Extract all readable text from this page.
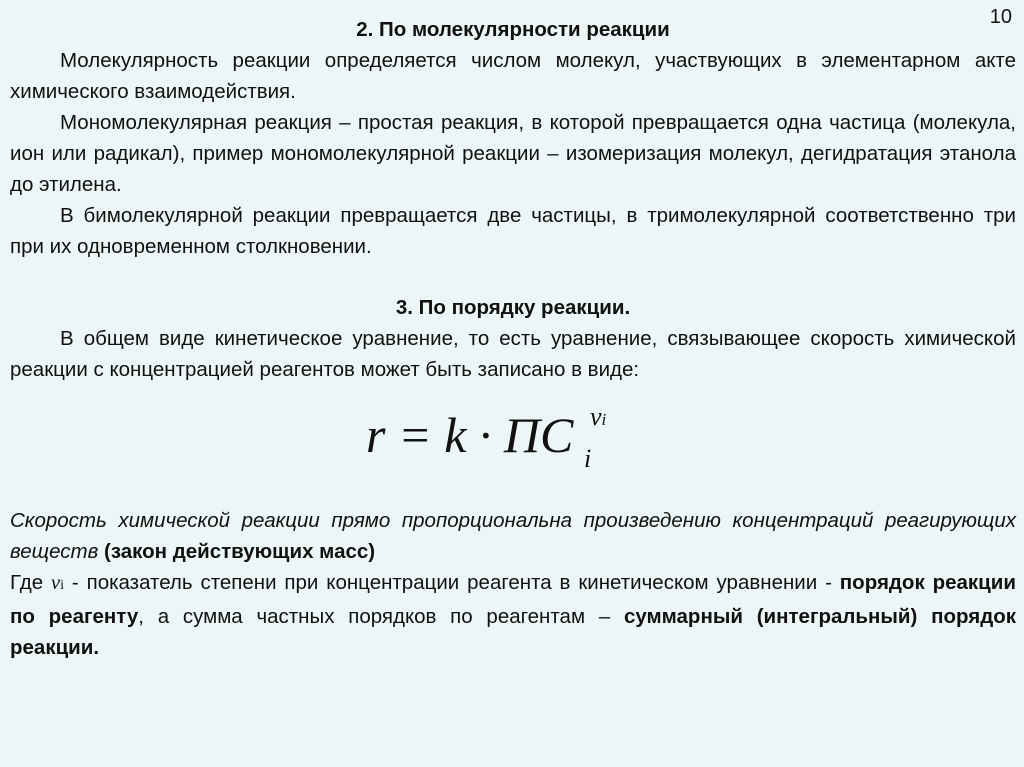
10
2. По молекулярности реакции

Молекулярность реакции определяется числом молекул, участвующих в элементарном акте химического взаимодействия.

Мономолекулярная реакция – простая реакция, в которой превращается одна частица (молекула, ион или радикал), пример мономолекулярной реакции – изомеризация молекул, дегидратация этанола до этилена.

В бимолекулярной реакции превращается две частицы, в тримолекулярной соответственно три при их одновременном столкновении.

3. По порядку реакции.

В общем виде кинетическое уравнение, то есть уравнение, связывающее скорость химической реакции с концентрацией реагентов может быть записано в виде:

r = k · ΠC νi
i

Скорость химической реакции прямо пропорциональна произведению концентраций реагирующих веществ (закон действующих масс)

Где νi - показатель степени при концентрации реагента в кинетическом уравнении - порядок реакции по реагенту, а сумма частных порядков по реагентам – суммарный (интегральный) порядок реакции.
